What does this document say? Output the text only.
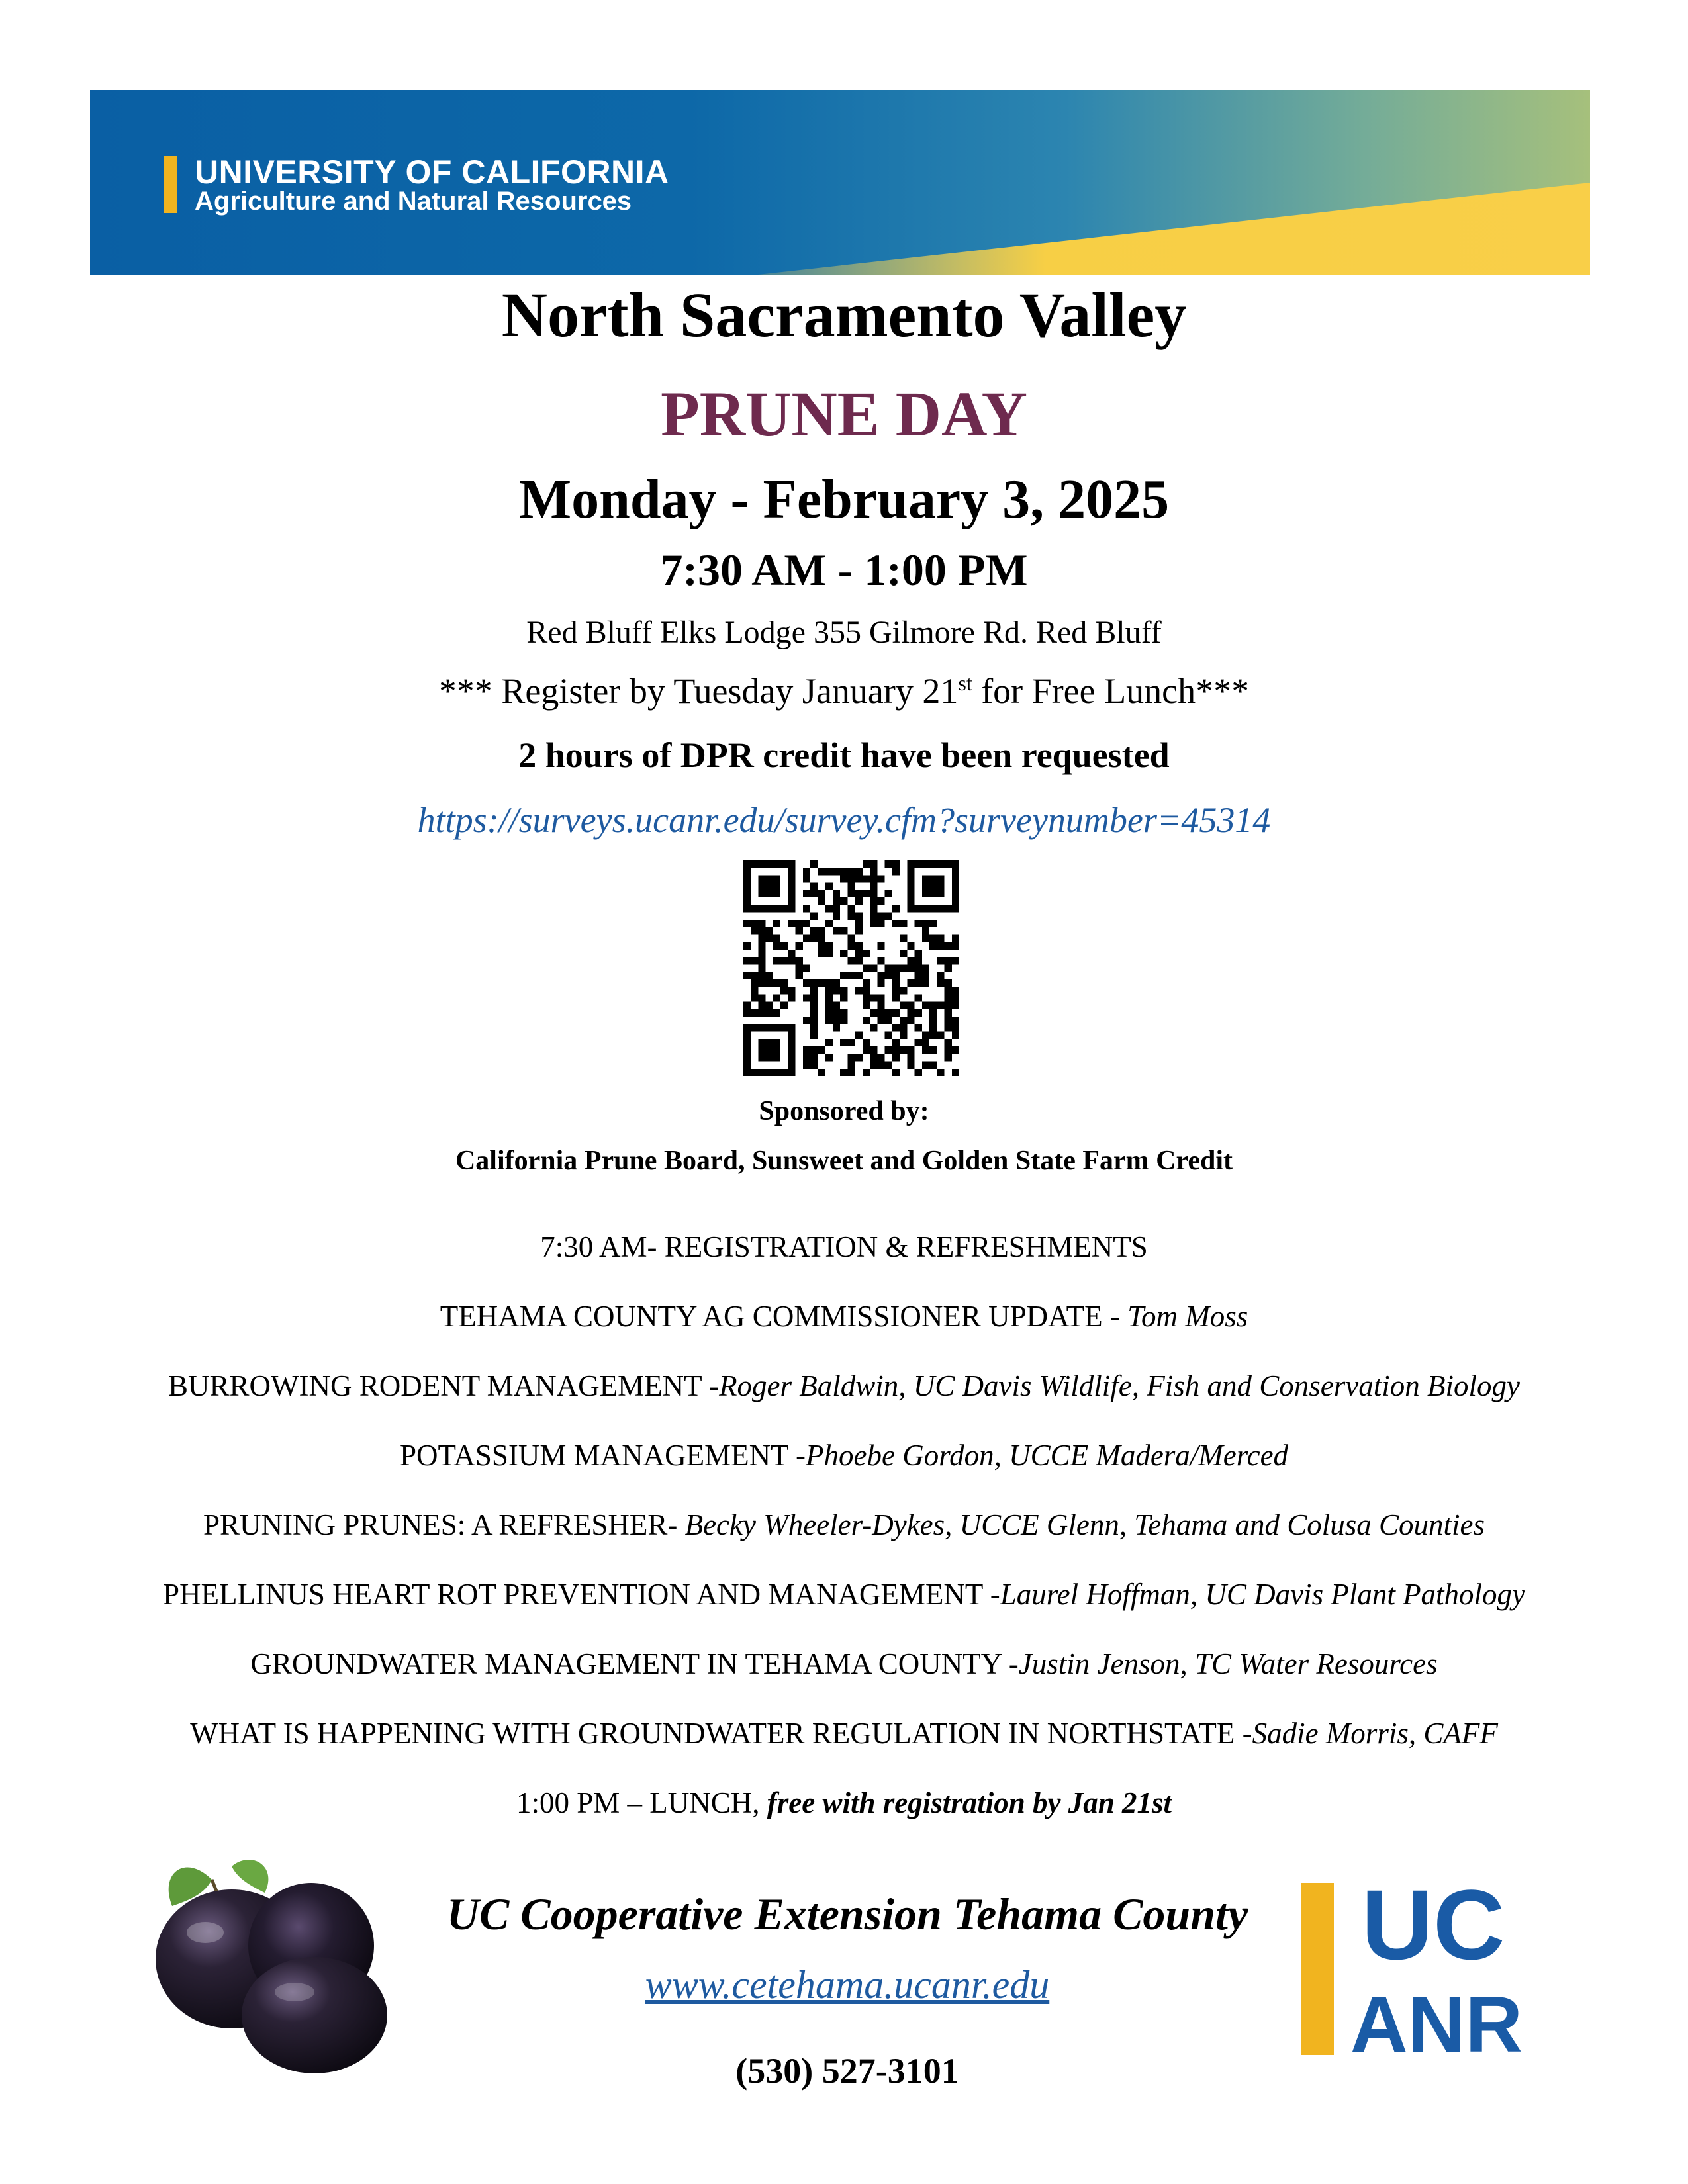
UNIVERSITY OF CALIFORNIA
Agriculture and Natural Resources
North Sacramento Valley
PRUNE DAY
Monday - February 3, 2025
7:30 AM - 1:00 PM
Red Bluff Elks Lodge 355 Gilmore Rd. Red Bluff
*** Register by Tuesday January 21st for Free Lunch***
2 hours of DPR credit have been requested
https://surveys.ucanr.edu/survey.cfm?surveynumber=45314
Sponsored by:
California Prune Board, Sunsweet and Golden State Farm Credit
7:30 AM- REGISTRATION & REFRESHMENTS
TEHAMA COUNTY AG COMMISSIONER UPDATE - Tom Moss
BURROWING RODENT MANAGEMENT -Roger Baldwin, UC Davis Wildlife, Fish and Conservation Biology
POTASSIUM MANAGEMENT -Phoebe Gordon, UCCE Madera/Merced
PRUNING PRUNES: A REFRESHER- Becky Wheeler-Dykes, UCCE Glenn, Tehama and Colusa Counties
PHELLINUS HEART ROT PREVENTION AND MANAGEMENT -Laurel Hoffman, UC Davis Plant Pathology
GROUNDWATER MANAGEMENT IN TEHAMA COUNTY -Justin Jenson, TC Water Resources
WHAT IS HAPPENING WITH GROUNDWATER REGULATION IN NORTHSTATE -Sadie Morris, CAFF
1:00 PM – LUNCH, free with registration by Jan 21st
UC Cooperative Extension Tehama County
www.cetehama.ucanr.edu
(530) 527-3101
UC
ANR
